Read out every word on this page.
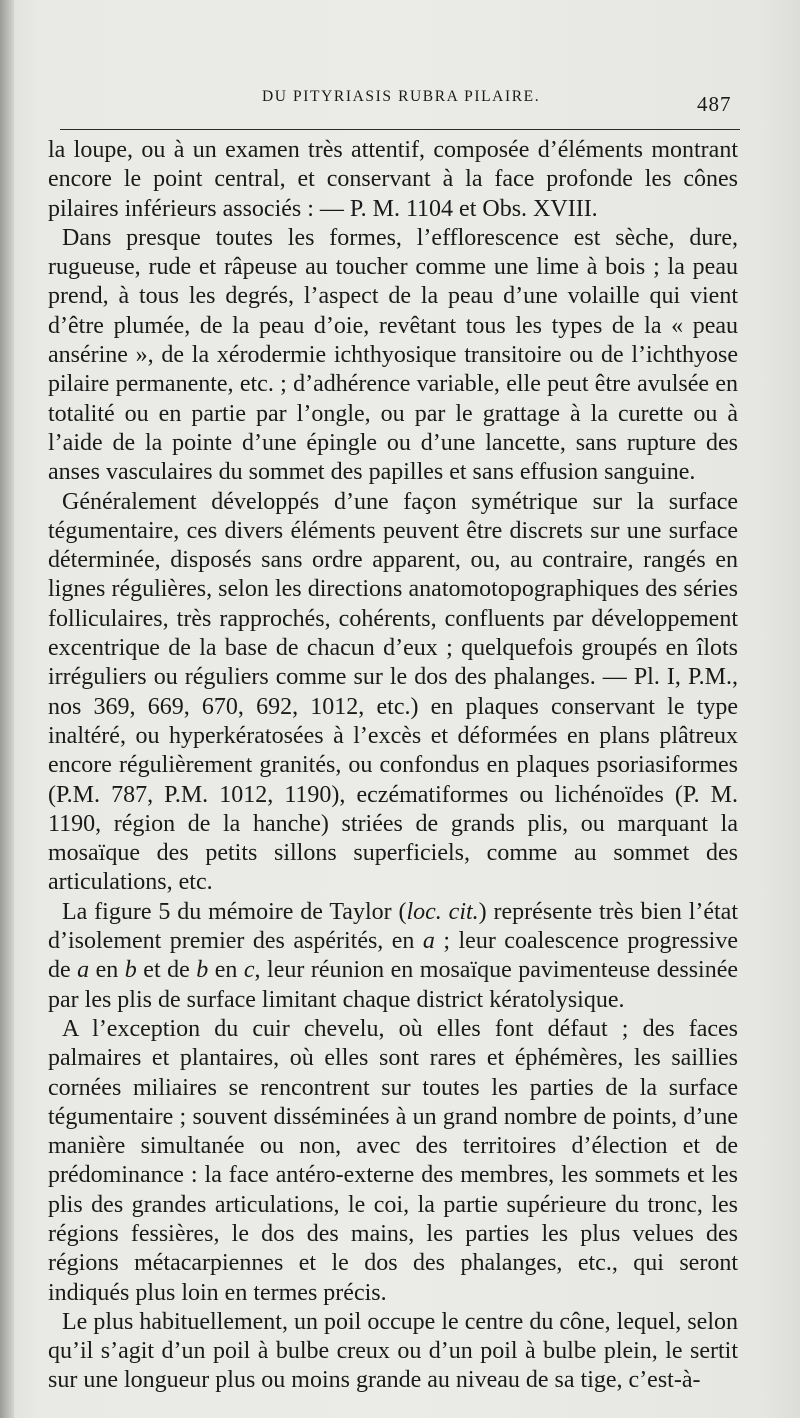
DU PITYRIASIS RUBRA PILAIRE.	487

la loupe, ou à un examen très attentif, composée d’éléments montrant encore le point central, et conservant à la face profonde les cônes pilaires inférieurs associés : — P. M. 1104 et Obs. XVIII.

Dans presque toutes les formes, l’efflorescence est sèche, dure, rugueuse, rude et râpeuse au toucher comme une lime à bois ; la peau prend, à tous les degrés, l’aspect de la peau d’une volaille qui vient d’être plumée, de la peau d’oie, revêtant tous les types de la « peau ansérine », de la xérodermie ichthyosique transitoire ou de l’ichthyose pilaire permanente, etc. ; d’adhérence variable, elle peut être avulsée en totalité ou en partie par l’ongle, ou par le grattage à la curette ou à l’aide de la pointe d’une épingle ou d’une lancette, sans rupture des anses vasculaires du sommet des papilles et sans effusion sanguine.

Généralement développés d’une façon symétrique sur la surface tégumentaire, ces divers éléments peuvent être discrets sur une surface déterminée, disposés sans ordre apparent, ou, au contraire, rangés en lignes régulières, selon les directions anatomotopographiques des séries folliculaires, très rapprochés, cohérents, confluents par développement excentrique de la base de chacun d’eux ; quelquefois groupés en îlots irréguliers ou réguliers comme sur le dos des phalanges. — Pl. I, P.M., nos 369, 669, 670, 692, 1012, etc.) en plaques conservant le type inaltéré, ou hyperkératosées à l’excès et déformées en plans plâtreux encore régulièrement granités, ou confondus en plaques psoriasiformes (P.M. 787, P.M. 1012, 1190), eczématiformes ou lichénoïdes (P. M. 1190, région de la hanche) striées de grands plis, ou marquant la mosaïque des petits sillons superficiels, comme au sommet des articulations, etc.

La figure 5 du mémoire de Taylor (loc. cit.) représente très bien l’état d’isolement premier des aspérités, en a ; leur coalescence progressive de a en b et de b en c, leur réunion en mosaïque pavimenteuse dessinée par les plis de surface limitant chaque district kératolysique.

A l’exception du cuir chevelu, où elles font défaut ; des faces palmaires et plantaires, où elles sont rares et éphémères, les saillies cornées miliaires se rencontrent sur toutes les parties de la surface tégumentaire ; souvent disséminées à un grand nombre de points, d’une manière simultanée ou non, avec des territoires d’élection et de prédominance : la face antéro-externe des membres, les sommets et les plis des grandes articulations, le coi, la partie supérieure du tronc, les régions fessières, le dos des mains, les parties les plus velues des régions métacarpiennes et le dos des phalanges, etc., qui seront indiqués plus loin en termes précis.

Le plus habituellement, un poil occupe le centre du cône, lequel, selon qu’il s’agit d’un poil à bulbe creux ou d’un poil à bulbe plein, le sertit sur une longueur plus ou moins grande au niveau de sa tige, c’est-à-
